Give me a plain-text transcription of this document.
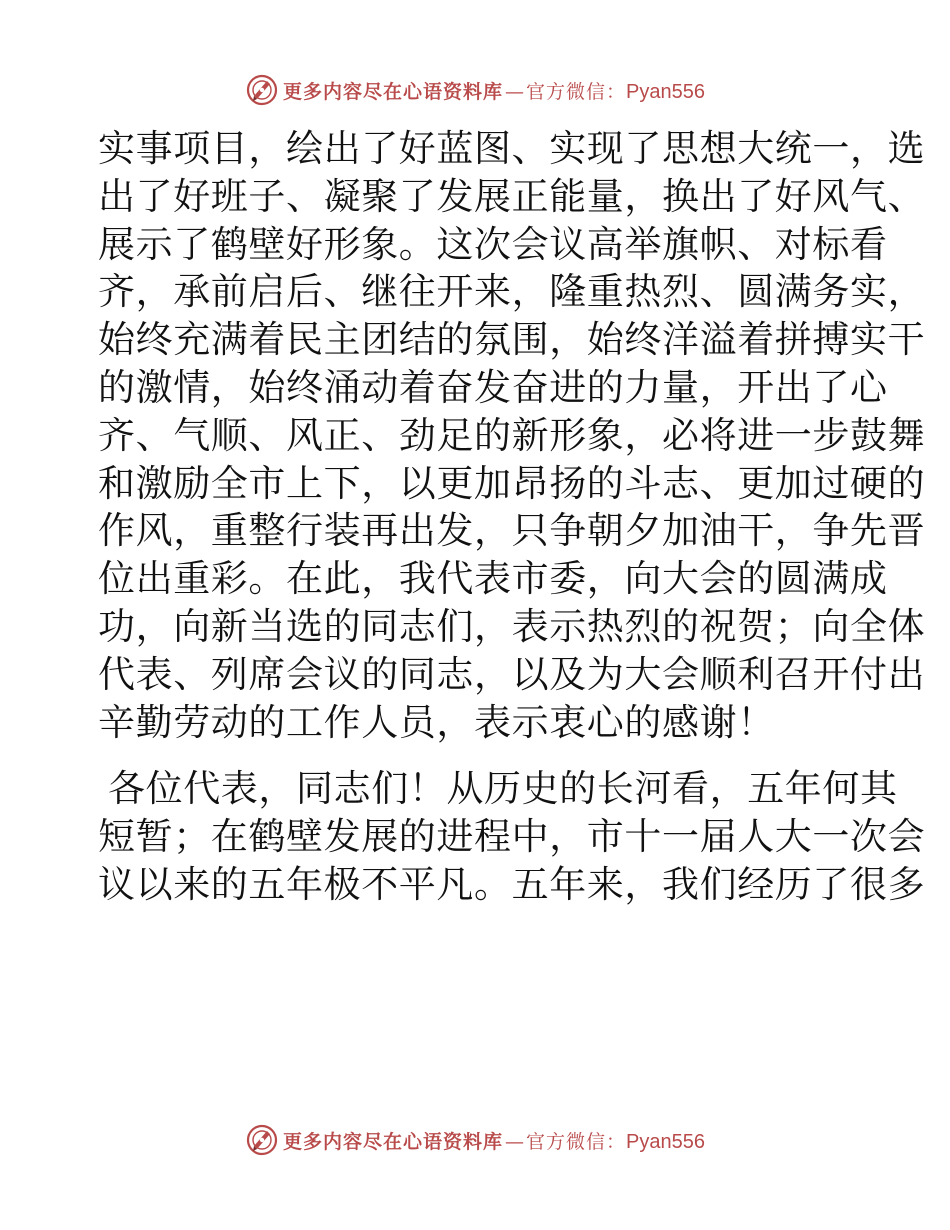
更多内容尽在心语资料库 — 官方微信： Pyan556
实事项目，绘出了好蓝图、实现了思想大统一，选
出了好班子、凝聚了发展正能量，换出了好风气、
展示了鹤壁好形象。这次会议高举旗帜、对标看
齐，承前启后、继往开来，隆重热烈、圆满务实，
始终充满着民主团结的氛围，始终洋溢着拼搏实干
的激情，始终涌动着奋发奋进的力量，开出了心
齐、气顺、风正、劲足的新形象，必将进一步鼓舞
和激励全市上下，以更加昂扬的斗志、更加过硬的
作风，重整行装再出发，只争朝夕加油干，争先晋
位出重彩。在此，我代表市委，向大会的圆满成
功，向新当选的同志们，表示热烈的祝贺；向全体
代表、列席会议的同志，以及为大会顺利召开付出
辛勤劳动的工作人员，表示衷心的感谢！
各位代表，同志们！从历史的长河看，五年何其
短暂；在鹤壁发展的进程中，市十一届人大一次会
议以来的五年极不平凡。五年来，我们经历了很多
更多内容尽在心语资料库 — 官方微信： Pyan556
